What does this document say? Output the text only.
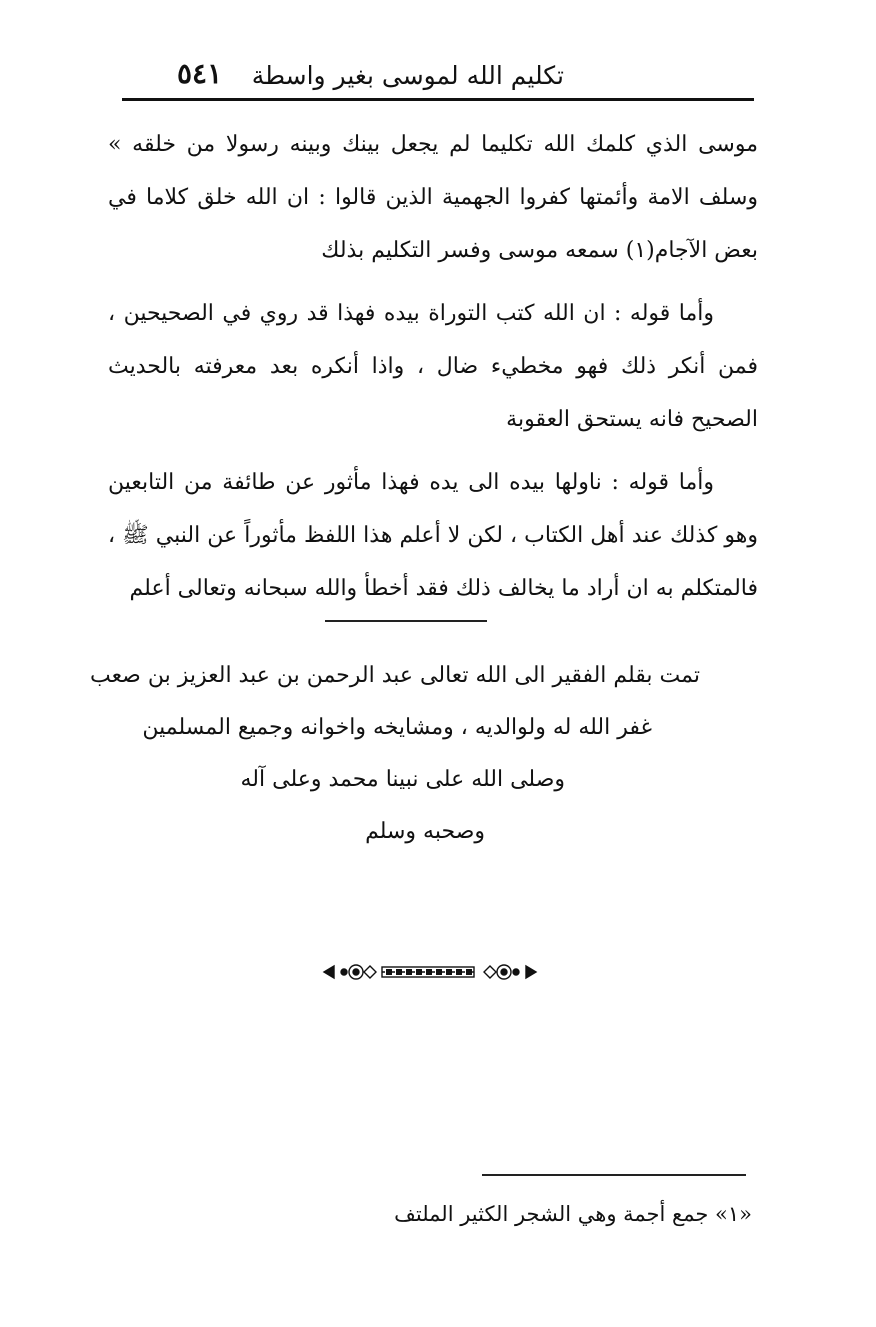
تكليم الله لموسى بغير واسطة
٥٤١

موسى الذي كلمك الله تكليما لم يجعل بينك وبينه رسولا من خلقه » وسلف الامة وأئمتها كفروا الجهمية الذين قالوا : ان الله خلق كلاما في بعض الآجام(١) سمعه موسى وفسر التكليم بذلك

وأما قوله : ان الله كتب التوراة بيده فهذا قد روي في الصحيحين ، فمن أنكر ذلك فهو مخطيء ضال ، واذا أنكره بعد معرفته بالحديث الصحيح فانه يستحق العقوبة

وأما قوله : ناولها بيده الى يده فهذا مأثور عن طائفة من التابعين وهو كذلك عند أهل الكتاب ، لكن لا أعلم هذا اللفظ مأثوراً عن النبي ﷺ ، فالمتكلم به ان أراد ما يخالف ذلك فقد أخطأ والله سبحانه وتعالى أعلم

تمت بقلم الفقير الى الله تعالى عبد الرحمن بن عبد العزيز بن صعب
غفر الله له ولوالديه ، ومشايخه واخوانه وجميع المسلمين
وصلى الله على نبينا محمد وعلى آله
وصحبه وسلم
«١» جمع أجمة وهي الشجر الكثير الملتف
